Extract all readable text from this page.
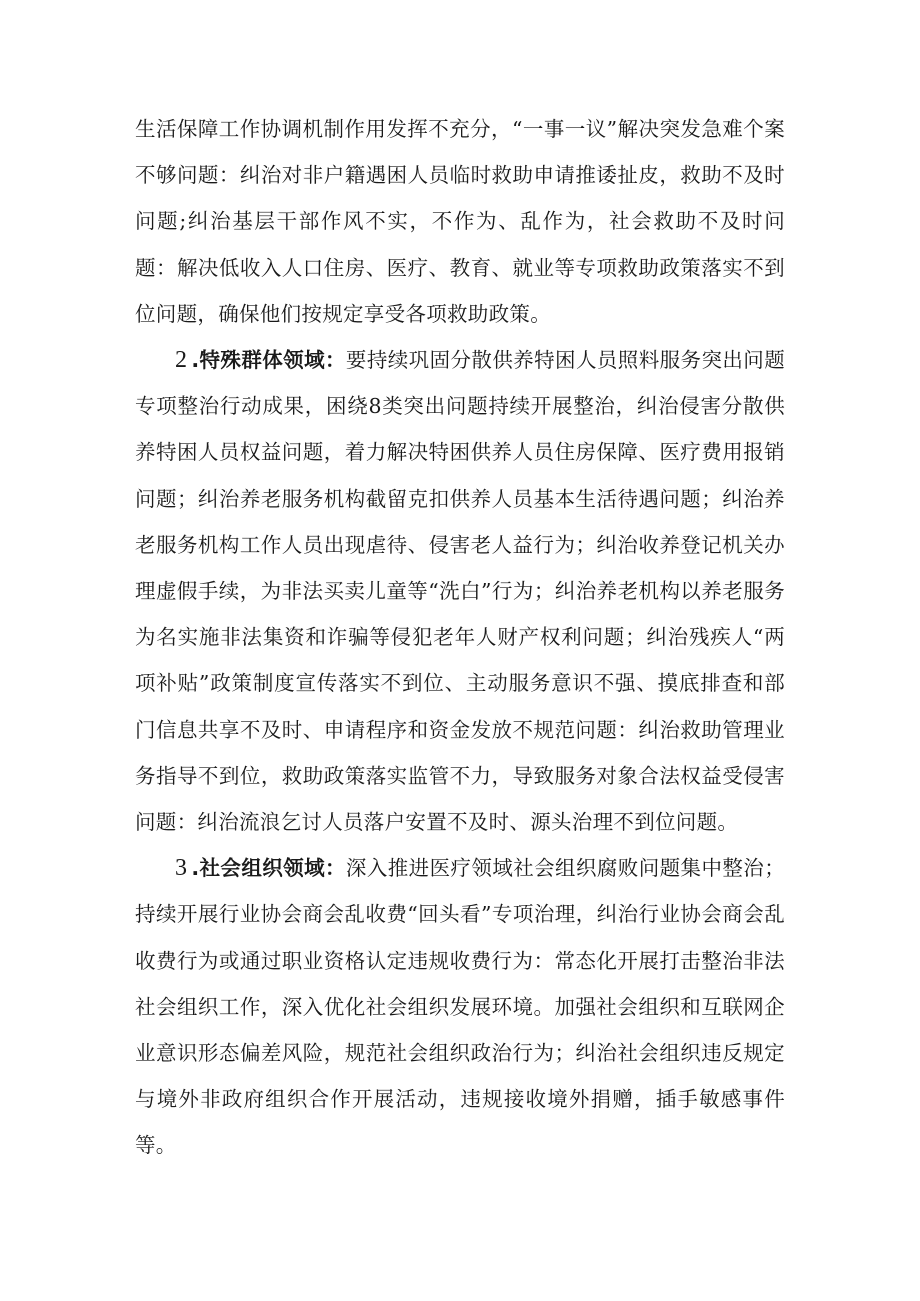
生活保障工作协调机制作用发挥不充分，“一事一议”解决突发急难个案不够问题：纠治对非户籍遇困人员临时救助申请推诿扯皮，救助不及时问题;纠治基层干部作风不实，不作为、乱作为，社会救助不及时问题：解决低收入人口住房、医疗、教育、就业等专项救助政策落实不到位问题，确保他们按规定享受各项救助政策。

2 .特殊群体领域：要持续巩固分散供养特困人员照料服务突出问题专项整治行动成果，困绕8类突出问题持续开展整治，纠治侵害分散供养特困人员权益问题，着力解决特困供养人员住房保障、医疗费用报销问题；纠治养老服务机构截留克扣供养人员基本生活待遇问题；纠治养老服务机构工作人员出现虐待、侵害老人益行为；纠治收养登记机关办理虚假手续，为非法买卖儿童等“洗白”行为；纠治养老机构以养老服务为名实施非法集资和诈骗等侵犯老年人财产权利问题；纠治残疾人“两项补贴”政策制度宣传落实不到位、主动服务意识不强、摸底排查和部门信息共享不及时、申请程序和资金发放不规范问题：纠治救助管理业务指导不到位，救助政策落实监管不力，导致服务对象合法权益受侵害问题：纠治流浪乞讨人员落户安置不及时、源头治理不到位问题。

3 .社会组织领域：深入推进医疗领域社会组织腐败问题集中整治；持续开展行业协会商会乱收费“回头看”专项治理，纠治行业协会商会乱收费行为或通过职业资格认定违规收费行为：常态化开展打击整治非法社会组织工作，深入优化社会组织发展环境。加强社会组织和互联网企业意识形态偏差风险，规范社会组织政治行为；纠治社会组织违反规定与境外非政府组织合作开展活动，违规接收境外捐赠，插手敏感事件等。
